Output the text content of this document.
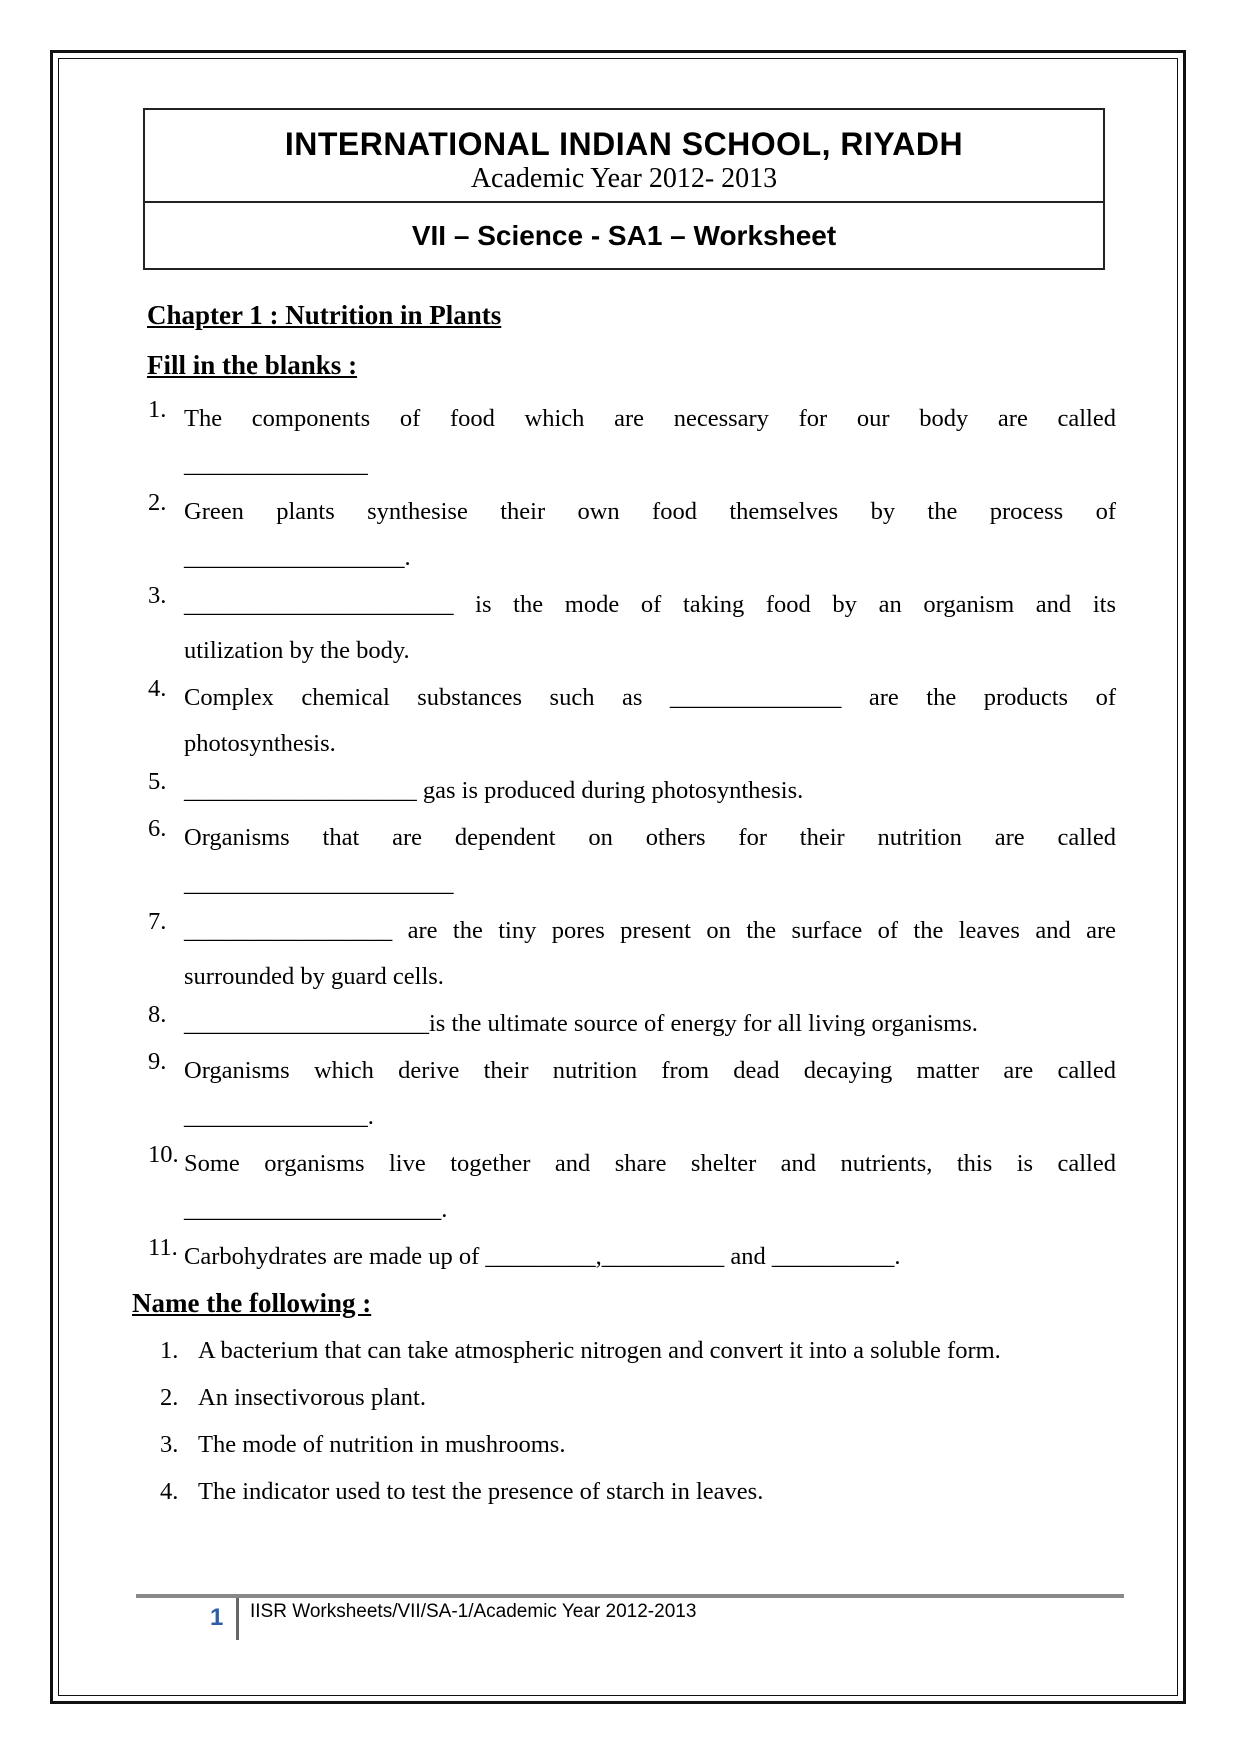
INTERNATIONAL INDIAN SCHOOL, RIYADH
Academic Year 2012- 2013
VII – Science - SA1 – Worksheet
Chapter 1 : Nutrition in Plants
Fill in the blanks :
1. The components of food which are necessary for our body are called
_______________
2. Green plants synthesise their own food themselves by the process of
__________________.
3. ______________________ is the mode of taking food by an organism and its
utilization by the body.
4. Complex chemical substances such as ______________ are the products of
photosynthesis.
5. ___________________ gas is produced during photosynthesis.
6. Organisms that are dependent on others for their nutrition are called
______________________
7. _________________ are the tiny pores present on the surface of the leaves and are
surrounded by guard cells.
8. ____________________is the ultimate source of energy for all living organisms.
9. Organisms which derive their nutrition from dead decaying matter are called
_______________.
10. Some organisms live together and share shelter and nutrients, this is called
_____________________.
11. Carbohydrates are made up of _________,__________ and __________.
Name the following :
1. A bacterium that can take atmospheric nitrogen and convert it into a soluble form.
2. An insectivorous plant.
3. The mode of nutrition in mushrooms.
4. The indicator used to test the presence of starch in leaves.
1 IISR Worksheets/VII/SA-1/Academic Year 2012-2013
